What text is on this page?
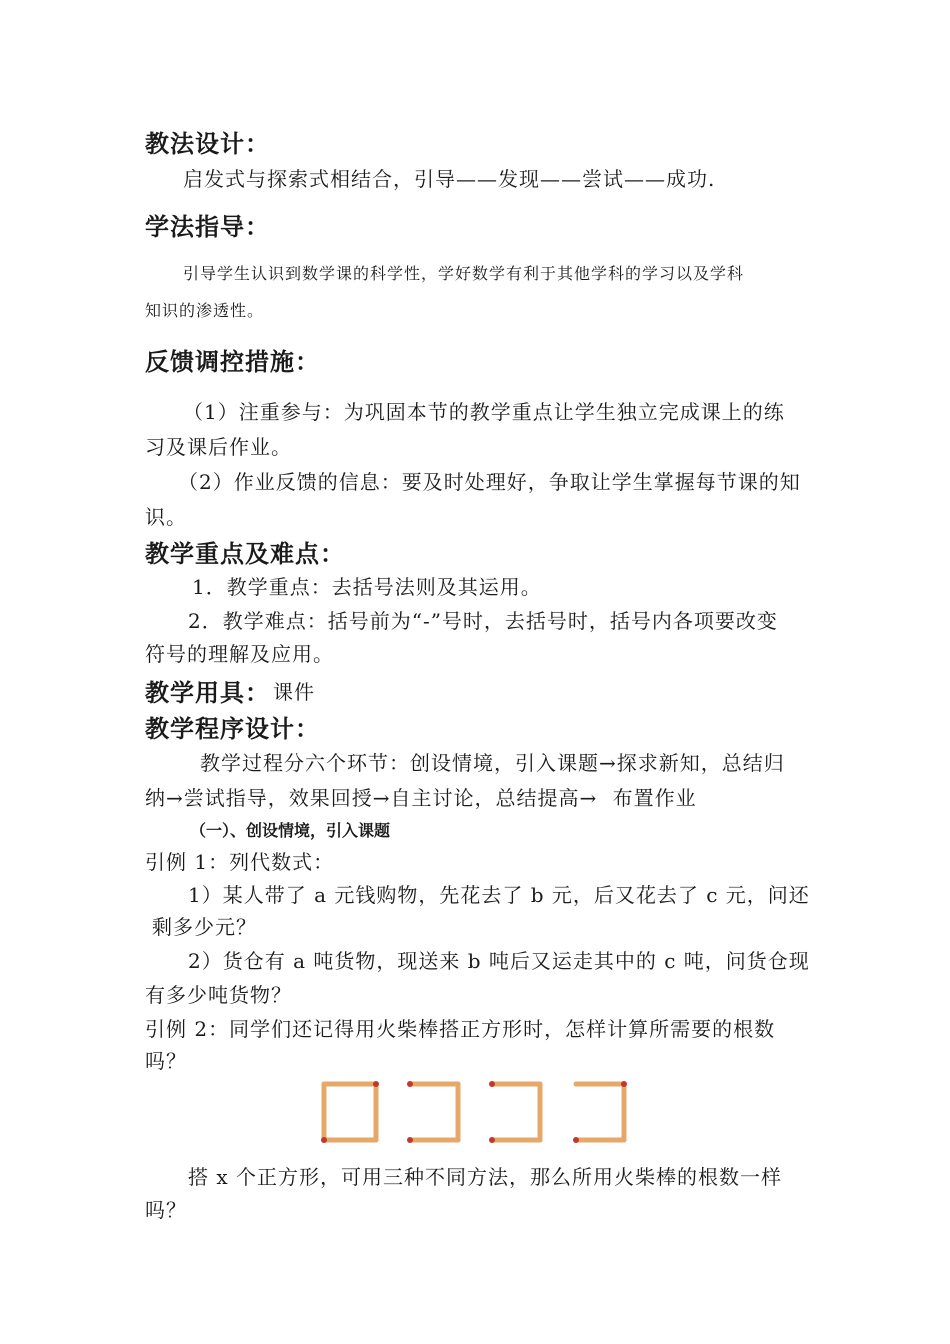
教法设计：
启发式与探索式相结合，引导——发现——尝试——成功.
学法指导：
引导学生认识到数学课的科学性，学好数学有利于其他学科的学习以及学科
知识的渗透性。
反馈调控措施：
（1）注重参与：为巩固本节的教学重点让学生独立完成课上的练
习及课后作业。
（2）作业反馈的信息：要及时处理好，争取让学生掌握每节课的知
识。
教学重点及难点：
1．教学重点：去括号法则及其运用。
2．教学难点：括号前为“-”号时，去括号时，括号内各项要改变
符号的理解及应用。
教学用具： 课件
教学程序设计：
教学过程分六个环节：创设情境，引入课题→探求新知，总结归
纳→尝试指导，效果回授→自主讨论，总结提高→ 布置作业
（一）、创设情境，引入课题
引例 1：列代数式：
1）某人带了 a 元钱购物，先花去了 b 元，后又花去了 c 元，问还
剩多少元？
2）货仓有 a 吨货物，现送来 b 吨后又运走其中的 c 吨，问货仓现
有多少吨货物？
引例 2：同学们还记得用火柴棒搭正方形时，怎样计算所需要的根数
吗？
搭 x 个正方形，可用三种不同方法，那么所用火柴棒的根数一样
吗？
